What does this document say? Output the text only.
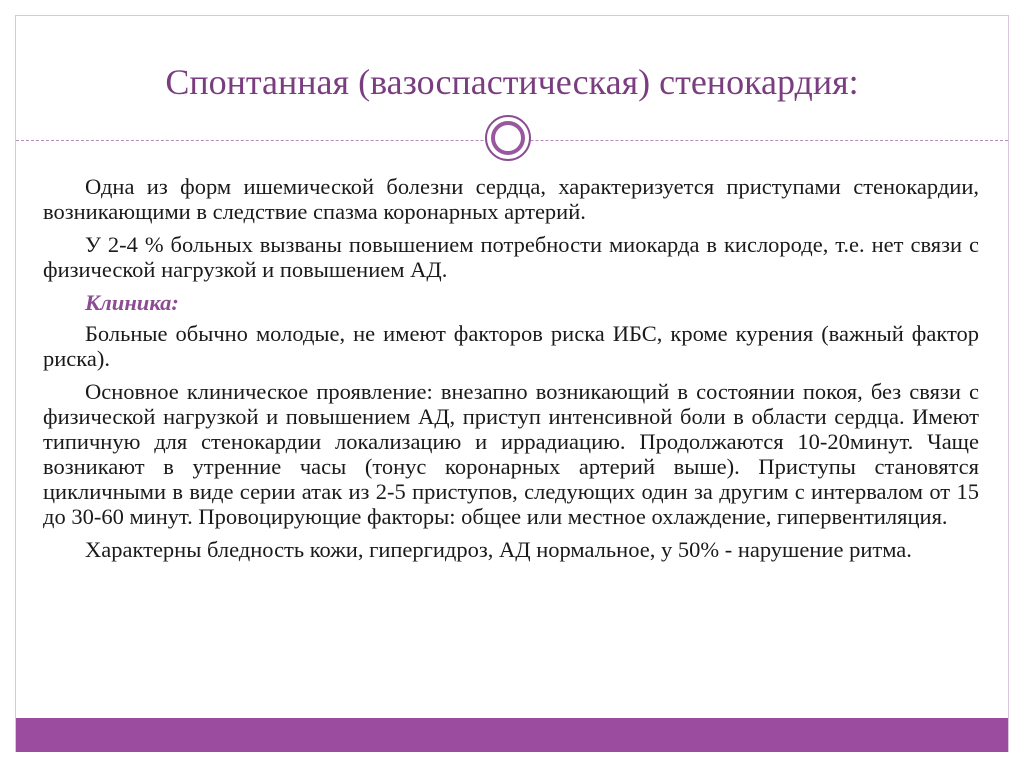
Спонтанная (вазоспастическая) стенокардия:

Одна из форм ишемической болезни сердца, характеризуется приступами стенокардии, возникающими в следствие спазма коронарных артерий.

У 2-4 % больных вызваны повышением потребности миокарда в кислороде, т.е. нет связи с физической нагрузкой и повышением АД.

Клиника:

Больные обычно молодые, не имеют факторов риска ИБС, кроме курения (важный фактор риска).

Основное клиническое проявление: внезапно возникающий в состоянии покоя, без связи с физической нагрузкой и повышением АД, приступ интенсивной боли в области сердца. Имеют типичную для стенокардии локализацию и иррадиацию. Продолжаются 10-20минут. Чаще возникают в утренние часы (тонус коронарных артерий выше). Приступы становятся цикличными в виде серии атак из 2-5 приступов, следующих один за другим с интервалом от 15 до 30-60 минут. Провоцирующие факторы: общее или местное охлаждение, гипервентиляция.

Характерны бледность кожи, гипергидроз, АД нормальное, у 50% - нарушение ритма.
